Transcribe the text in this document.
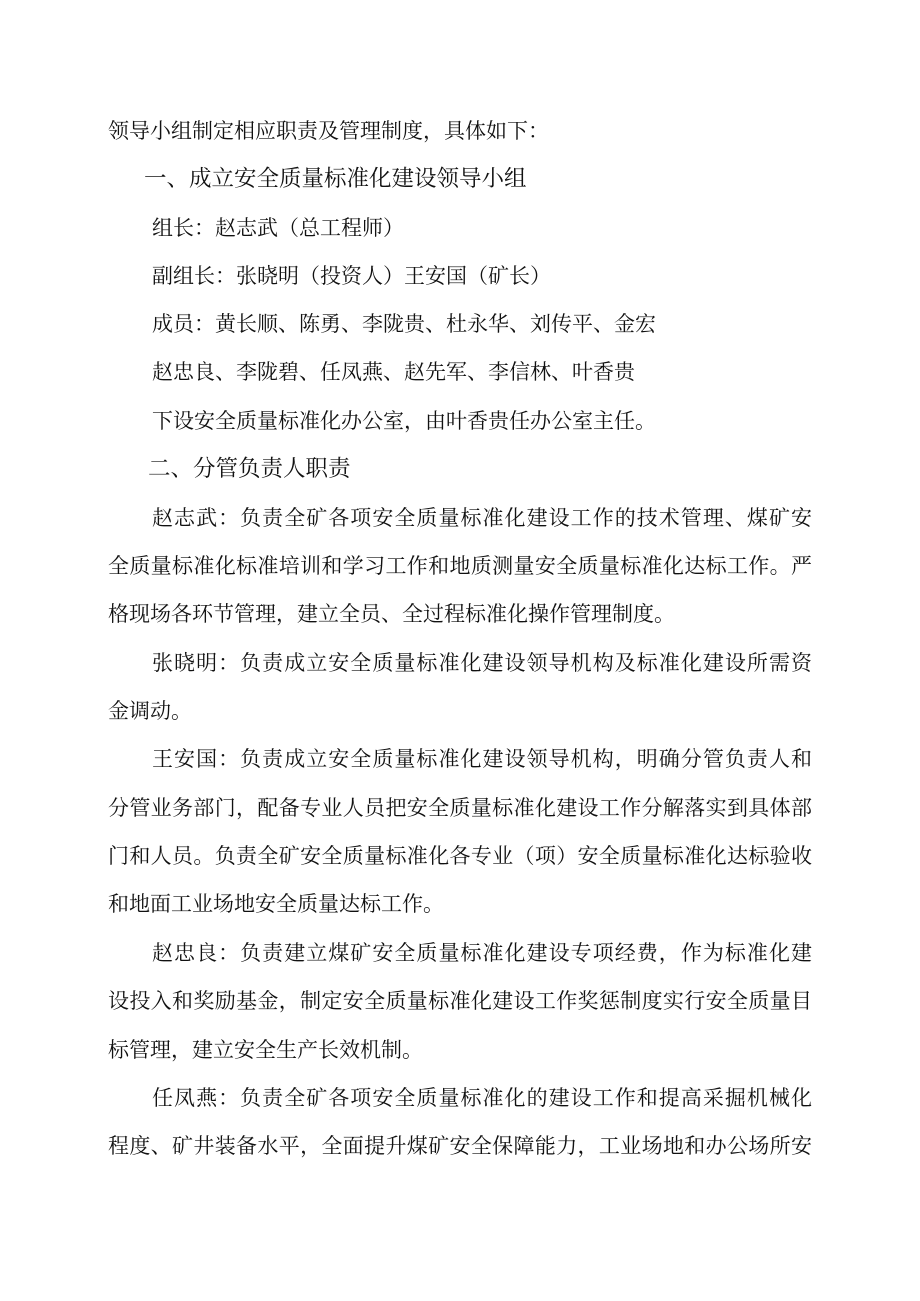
领导小组制定相应职责及管理制度，具体如下：
一、成立安全质量标准化建设领导小组
组长：赵志武（总工程师）
副组长：张晓明（投资人）王安国（矿长）
成员：黄长顺、陈勇、李陇贵、杜永华、刘传平、金宏
赵忠良、李陇碧、任凤燕、赵先军、李信林、叶香贵
下设安全质量标准化办公室，由叶香贵任办公室主任。
二、分管负责人职责
赵志武：负责全矿各项安全质量标准化建设工作的技术管理、煤矿安
全质量标准化标准培训和学习工作和地质测量安全质量标准化达标工作。严
格现场各环节管理，建立全员、全过程标准化操作管理制度。
张晓明：负责成立安全质量标准化建设领导机构及标准化建设所需资
金调动。
王安国：负责成立安全质量标准化建设领导机构，明确分管负责人和
分管业务部门，配备专业人员把安全质量标准化建设工作分解落实到具体部
门和人员。负责全矿安全质量标准化各专业（项）安全质量标准化达标验收
和地面工业场地安全质量达标工作。
赵忠良：负责建立煤矿安全质量标准化建设专项经费，作为标准化建
设投入和奖励基金，制定安全质量标准化建设工作奖惩制度实行安全质量目
标管理，建立安全生产长效机制。
任凤燕：负责全矿各项安全质量标准化的建设工作和提高采掘机械化
程度、矿井装备水平，全面提升煤矿安全保障能力，工业场地和办公场所安
